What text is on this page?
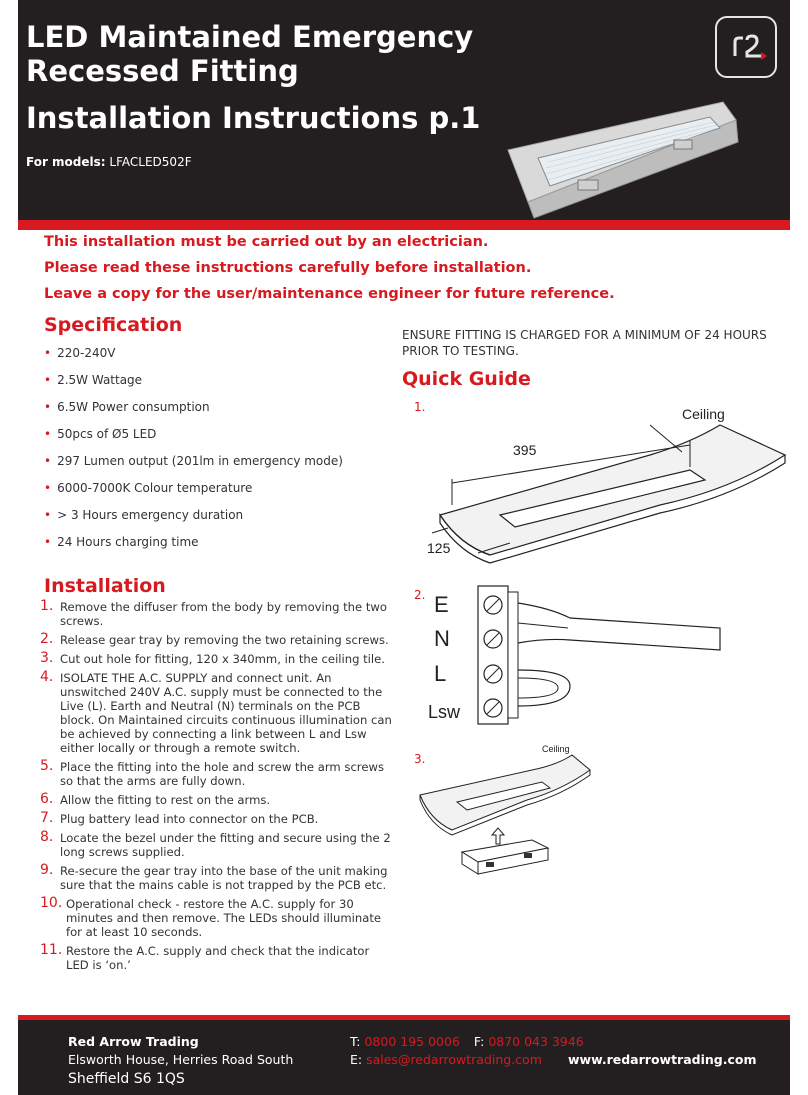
LED Maintained Emergency
Recessed Fitting
Installation Instructions p.1
For models: LFACLED502F
This installation must be carried out by an electrician.
Please read these instructions carefully before installation.
Leave a copy for the user/maintenance engineer for future reference.
Specification
• 220-240V
• 2.5W Wattage
• 6.5W Power consumption
• 50pcs of Ø5 LED
• 297 Lumen output (201lm in emergency mode)
• 6000-7000K Colour temperature
• > 3 Hours emergency duration
• 24 Hours charging time
Installation
1. Remove the diffuser from the body by removing the two screws.
2. Release gear tray by removing the two retaining screws.
3. Cut out hole for fitting, 120 x 340mm, in the ceiling tile.
4. ISOLATE THE A.C. SUPPLY and connect unit. An unswitched 240V A.C. supply must be connected to the Live (L). Earth and Neutral (N) terminals on the PCB block. On Maintained circuits continuous illumination can be achieved by connecting a link between L and Lsw either locally or through a remote switch.
5. Place the fitting into the hole and screw the arm screws so that the arms are fully down.
6. Allow the fitting to rest on the arms.
7. Plug battery lead into connector on the PCB.
8. Locate the bezel under the fitting and secure using the 2 long screws supplied.
9. Re-secure the gear tray into the base of the unit making sure that the mains cable is not trapped by the PCB etc.
10. Operational check - restore the A.C. supply for 30 minutes and then remove. The LEDs should illuminate for at least 10 seconds.
11. Restore the A.C. supply and check that the indicator LED is ‘on.’
ENSURE FITTING IS CHARGED FOR A MINIMUM OF 24 HOURS PRIOR TO TESTING.
Quick Guide
1.
395
Ceiling
125
2. E
N
L
Lsw
3.
Ceiling
Red Arrow Trading
Elsworth House, Herries Road South
Sheffield S6 1QS
T: 0800 195 0006 F: 0870 043 3946
E: sales@redarrowtrading.com www.redarrowtrading.com
